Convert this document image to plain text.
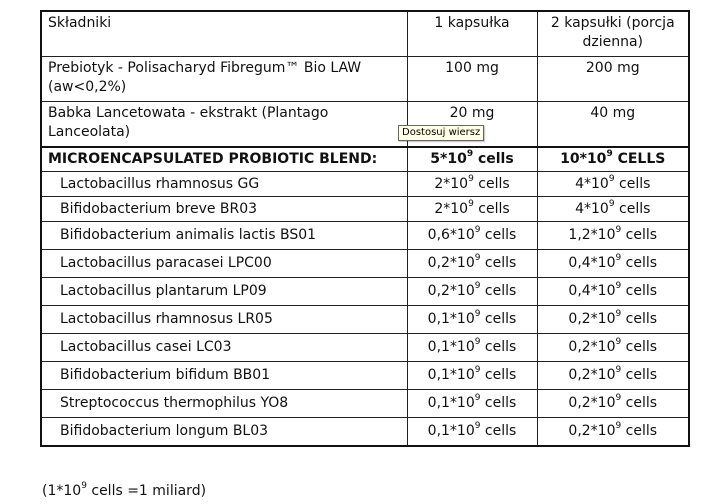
Składniki	1 kapsułka	2 kapsułki (porcja dzienna)
Prebiotyk - Polisacharyd Fibregum™ Bio LAW (aw<0,2%)	100 mg	200 mg
Babka Lancetowata - ekstrakt (Plantago Lanceolata)	20 mg	40 mg
MICROENCAPSULATED PROBIOTIC BLEND:	$5*10^9$ cells	$10*10^9$ CELLS
Lactobacillus rhamnosus GG	$2*10^9$ cells	$4*10^9$ cells
Bifidobacterium breve BR03	$2*10^9$ cells	$4*10^9$ cells
Bifidobacterium animalis lactis BS01	$0,6*10^9$ cells	$1,2*10^9$ cells
Lactobacillus paracasei LPC00	$0,2*10^9$ cells	$0,4*10^9$ cells
Lactobacillus plantarum LP09	$0,2*10^9$ cells	$0,4*10^9$ cells
Lactobacillus rhamnosus LR05	$0,1*10^9$ cells	$0,2*10^9$ cells
Lactobacillus casei LC03	$0,1*10^9$ cells	$0,2*10^9$ cells
Bifidobacterium bifidum BB01	$0,1*10^9$ cells	$0,2*10^9$ cells
Streptococcus thermophilus YO8	$0,1*10^9$ cells	$0,2*10^9$ cells
Bifidobacterium longum BL03	$0,1*10^9$ cells	$0,2*10^9$ cells
Dostosuj wiersz
($1*10^9$ cells =1 miliard)
